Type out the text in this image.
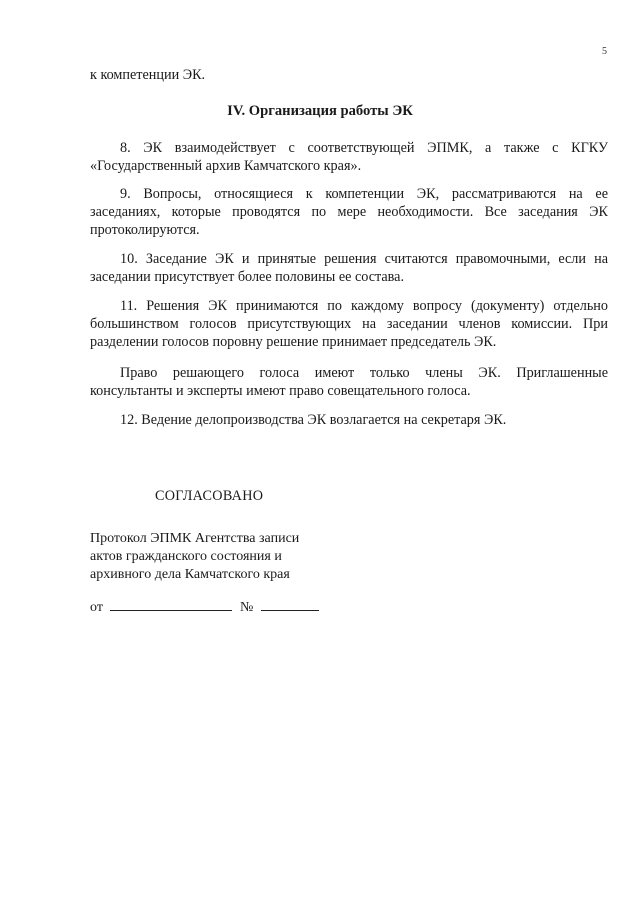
5
к компетенции ЭК.
IV. Организация работы ЭК
8. ЭК взаимодействует с соответствующей ЭПМК, а также с КГКУ «Государственный архив Камчатского края».
9. Вопросы, относящиеся к компетенции ЭК, рассматриваются на ее заседаниях, которые проводятся по мере необходимости. Все заседания ЭК протоколируются.
10. Заседание ЭК и принятые решения считаются правомочными, если на заседании присутствует более половины ее состава.
11. Решения ЭК принимаются по каждому вопросу (документу) отдельно большинством голосов присутствующих на заседании членов комиссии. При разделении голосов поровну решение принимает председатель ЭК.
Право решающего голоса имеют только члены ЭК. Приглашенные консультанты и эксперты имеют право совещательного голоса.
12. Ведение делопроизводства ЭК возлагается на секретаря ЭК.
СОГЛАСОВАНО
Протокол ЭПМК Агентства записи
актов гражданского состояния и
архивного дела Камчатского края
от	№
